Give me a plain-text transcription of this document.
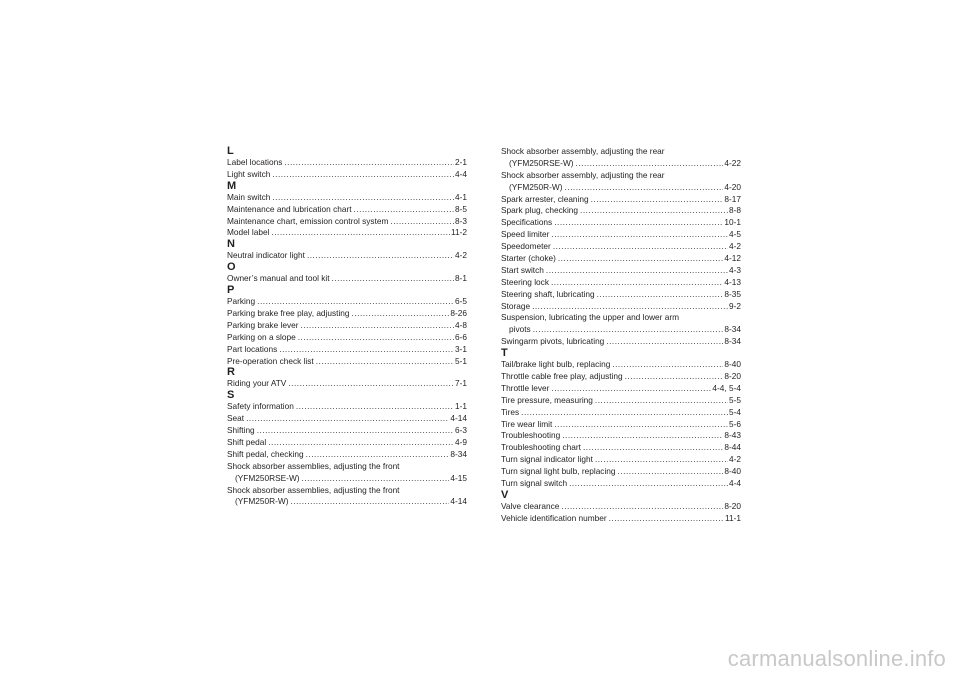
L
Label locations . . .	2-1
Light switch . . .	4-4
M
Main switch . . .	4-1
Maintenance and lubrication chart . . .	8-5
Maintenance chart, emission control system . . .	8-3
Model label . . .	11-2
N
Neutral indicator light . . .	4-2
O
Owner’s manual and tool kit . . .	8-1
P
Parking . . .	6-5
Parking brake free play, adjusting . . .	8-26
Parking brake lever . . .	4-8
Parking on a slope . . .	6-6
Part locations . . .	3-1
Pre-operation check list . . .	5-1
R
Riding your ATV . . .	7-1
S
Safety information . . .	1-1
Seat . . .	4-14
Shifting . . .	6-3
Shift pedal . . .	4-9
Shift pedal, checking . . .	8-34
Shock absorber assemblies, adjusting the front
(YFM250RSE-W) . . .	4-15
Shock absorber assemblies, adjusting the front
(YFM250R-W) . . .	4-14
Shock absorber assembly, adjusting the rear
(YFM250RSE-W) . . .	4-22
Shock absorber assembly, adjusting the rear
(YFM250R-W) . . .	4-20
Spark arrester, cleaning . . .	8-17
Spark plug, checking . . .	8-8
Specifications . . .	10-1
Speed limiter . . .	4-5
Speedometer . . .	4-2
Starter (choke) . . .	4-12
Start switch . . .	4-3
Steering lock . . .	4-13
Steering shaft, lubricating . . .	8-35
Storage . . .	9-2
Suspension, lubricating the upper and lower arm
pivots . . .	8-34
Swingarm pivots, lubricating . . .	8-34
T
Tail/brake light bulb, replacing . . .	8-40
Throttle cable free play, adjusting . . .	8-20
Throttle lever . . .	4-4, 5-4
Tire pressure, measuring . . .	5-5
Tires . . .	5-4
Tire wear limit . . .	5-6
Troubleshooting . . .	8-43
Troubleshooting chart . . .	8-44
Turn signal indicator light . . .	4-2
Turn signal light bulb, replacing . . .	8-40
Turn signal switch . . .	4-4
V
Valve clearance . . .	8-20
Vehicle identification number . . .	11-1
carmanualsonline.info
